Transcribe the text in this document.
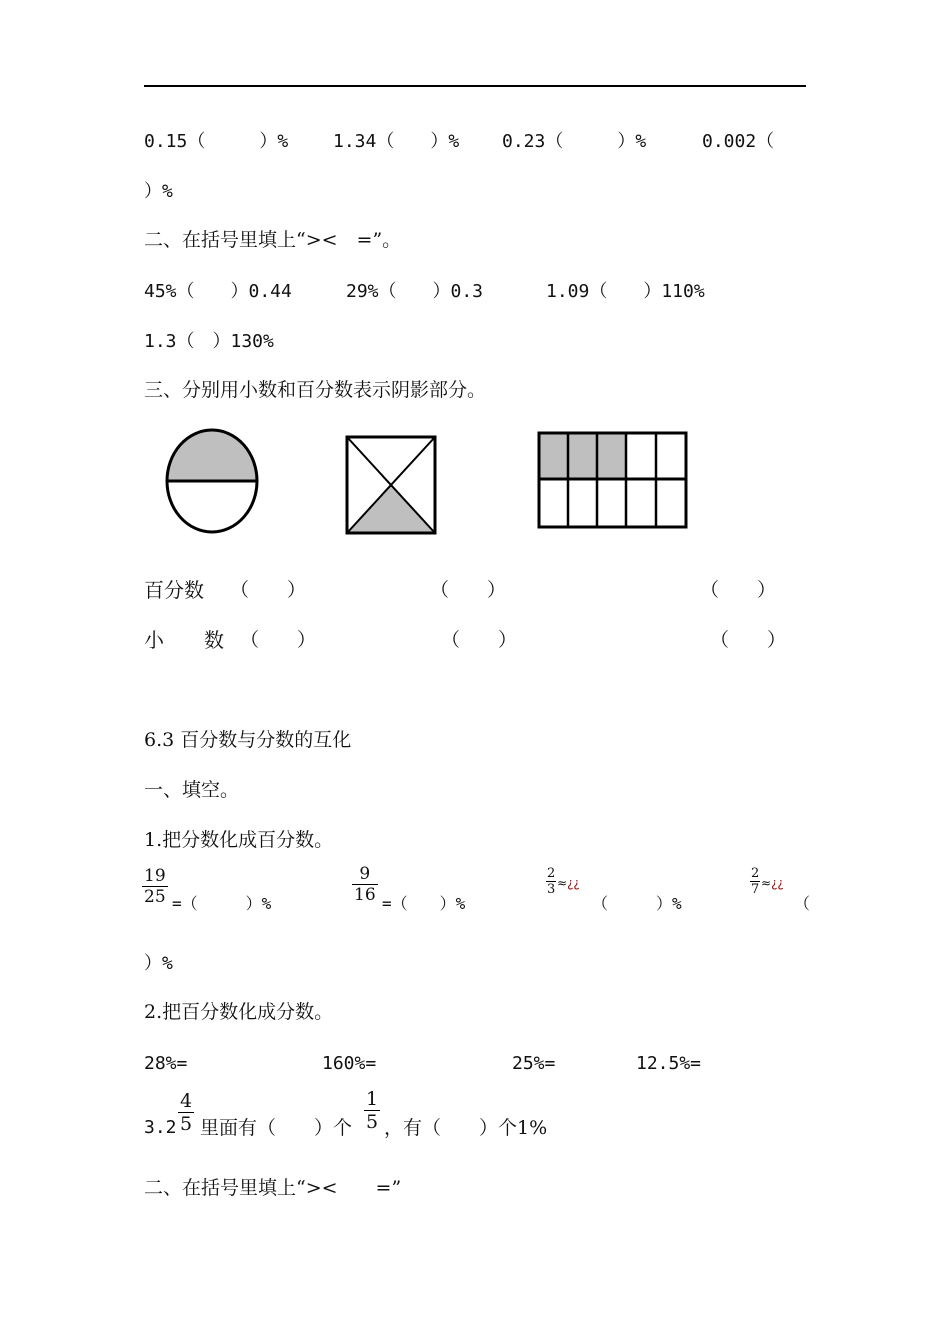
0.15（　　　）% 1.34（　　）% 0.23（　　　）%	0.002（
）%
二、在括号里填上“><　=”。
45%（　　）0.44	29%（　　）0.3	1.09（　　）110%
1.3（　）130%
三、分别用小数和百分数表示阴影部分。
百分数 （　　）	（　　）	（　　）
小　　数 （　　）	（　　）	（　　）
6.3 百分数与分数的互化
一、填空。
1.把分数化成百分数。
19
25 =（　　　）%
9
16 =（　　）%
2
3 ≈¿¿
（　　　）%
2
7 ≈¿¿
（
）%
2.把百分数化成分数。
28%=	160%=	25%=	12.5%=
3.2
4
5 里面有（　　）个
1
5 ，有（　　）个1%
二、在括号里填上“><　　=”
